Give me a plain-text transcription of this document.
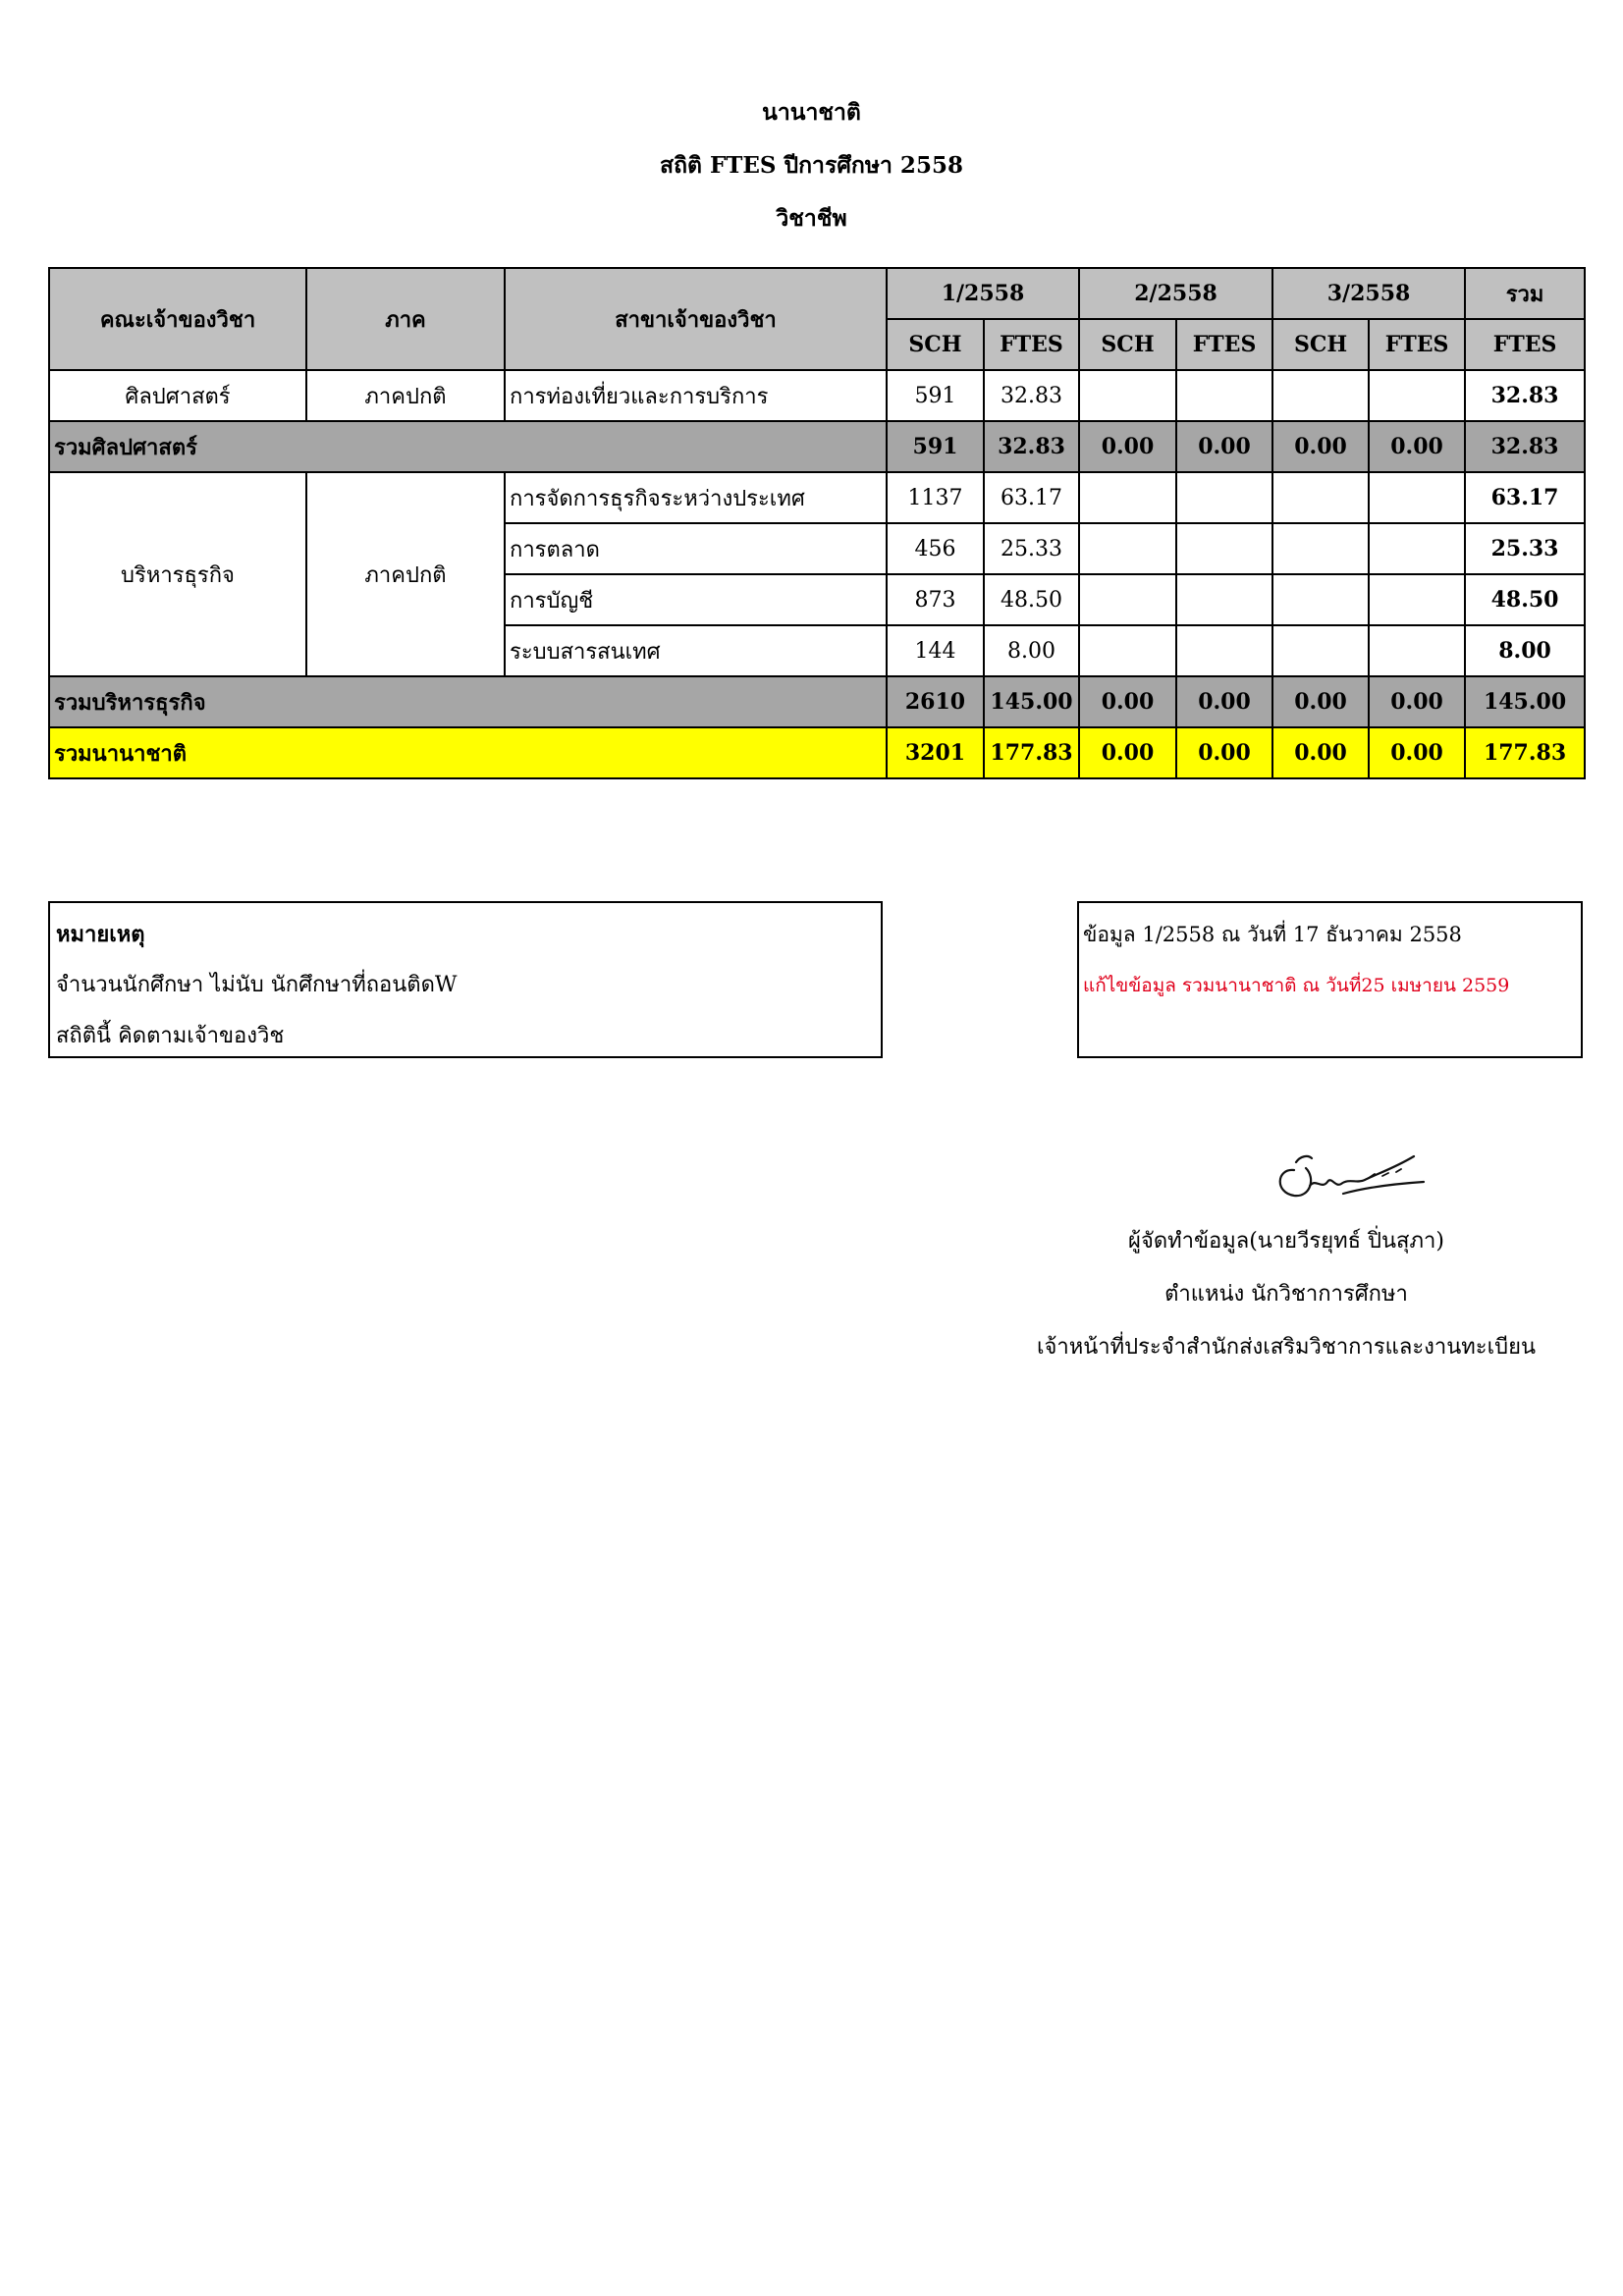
นานาชาติ
สถิติ FTES ปีการศึกษา 2558
วิชาชีพ
คณะเจ้าของวิชา	ภาค	สาขาเจ้าของวิชา	1/2558		2/2558		3/2558		รวม
			SCH	FTES	SCH	FTES	SCH	FTES	FTES
ศิลปศาสตร์	ภาคปกติ	การท่องเที่ยวและการบริการ	591	32.83					32.83
รวมศิลปศาสตร์			591	32.83	0.00	0.00	0.00	0.00	32.83
บริหารธุรกิจ	ภาคปกติ	การจัดการธุรกิจระหว่างประเทศ	1137	63.17					63.17
		การตลาด	456	25.33					25.33
		การบัญชี	873	48.50					48.50
		ระบบสารสนเทศ	144	8.00					8.00
รวมบริหารธุรกิจ			2610	145.00	0.00	0.00	0.00	0.00	145.00
รวมนานาชาติ			3201	177.83	0.00	0.00	0.00	0.00	177.83
หมายเหตุ
จำนวนนักศึกษา ไม่นับ นักศึกษาที่ถอนติดW
สถิตินี้ คิดตามเจ้าของวิช
ข้อมูล 1/2558 ณ วันที่ 17 ธันวาคม 2558
แก้ไขข้อมูล รวมนานาชาติ ณ วันที่25 เมษายน 2559
ผู้จัดทำข้อมูล(นายวีรยุทธ์ ปิ่นสุภา)
ตำแหน่ง นักวิชาการศึกษา
เจ้าหน้าที่ประจำสำนักส่งเสริมวิชาการและงานทะเบียน
